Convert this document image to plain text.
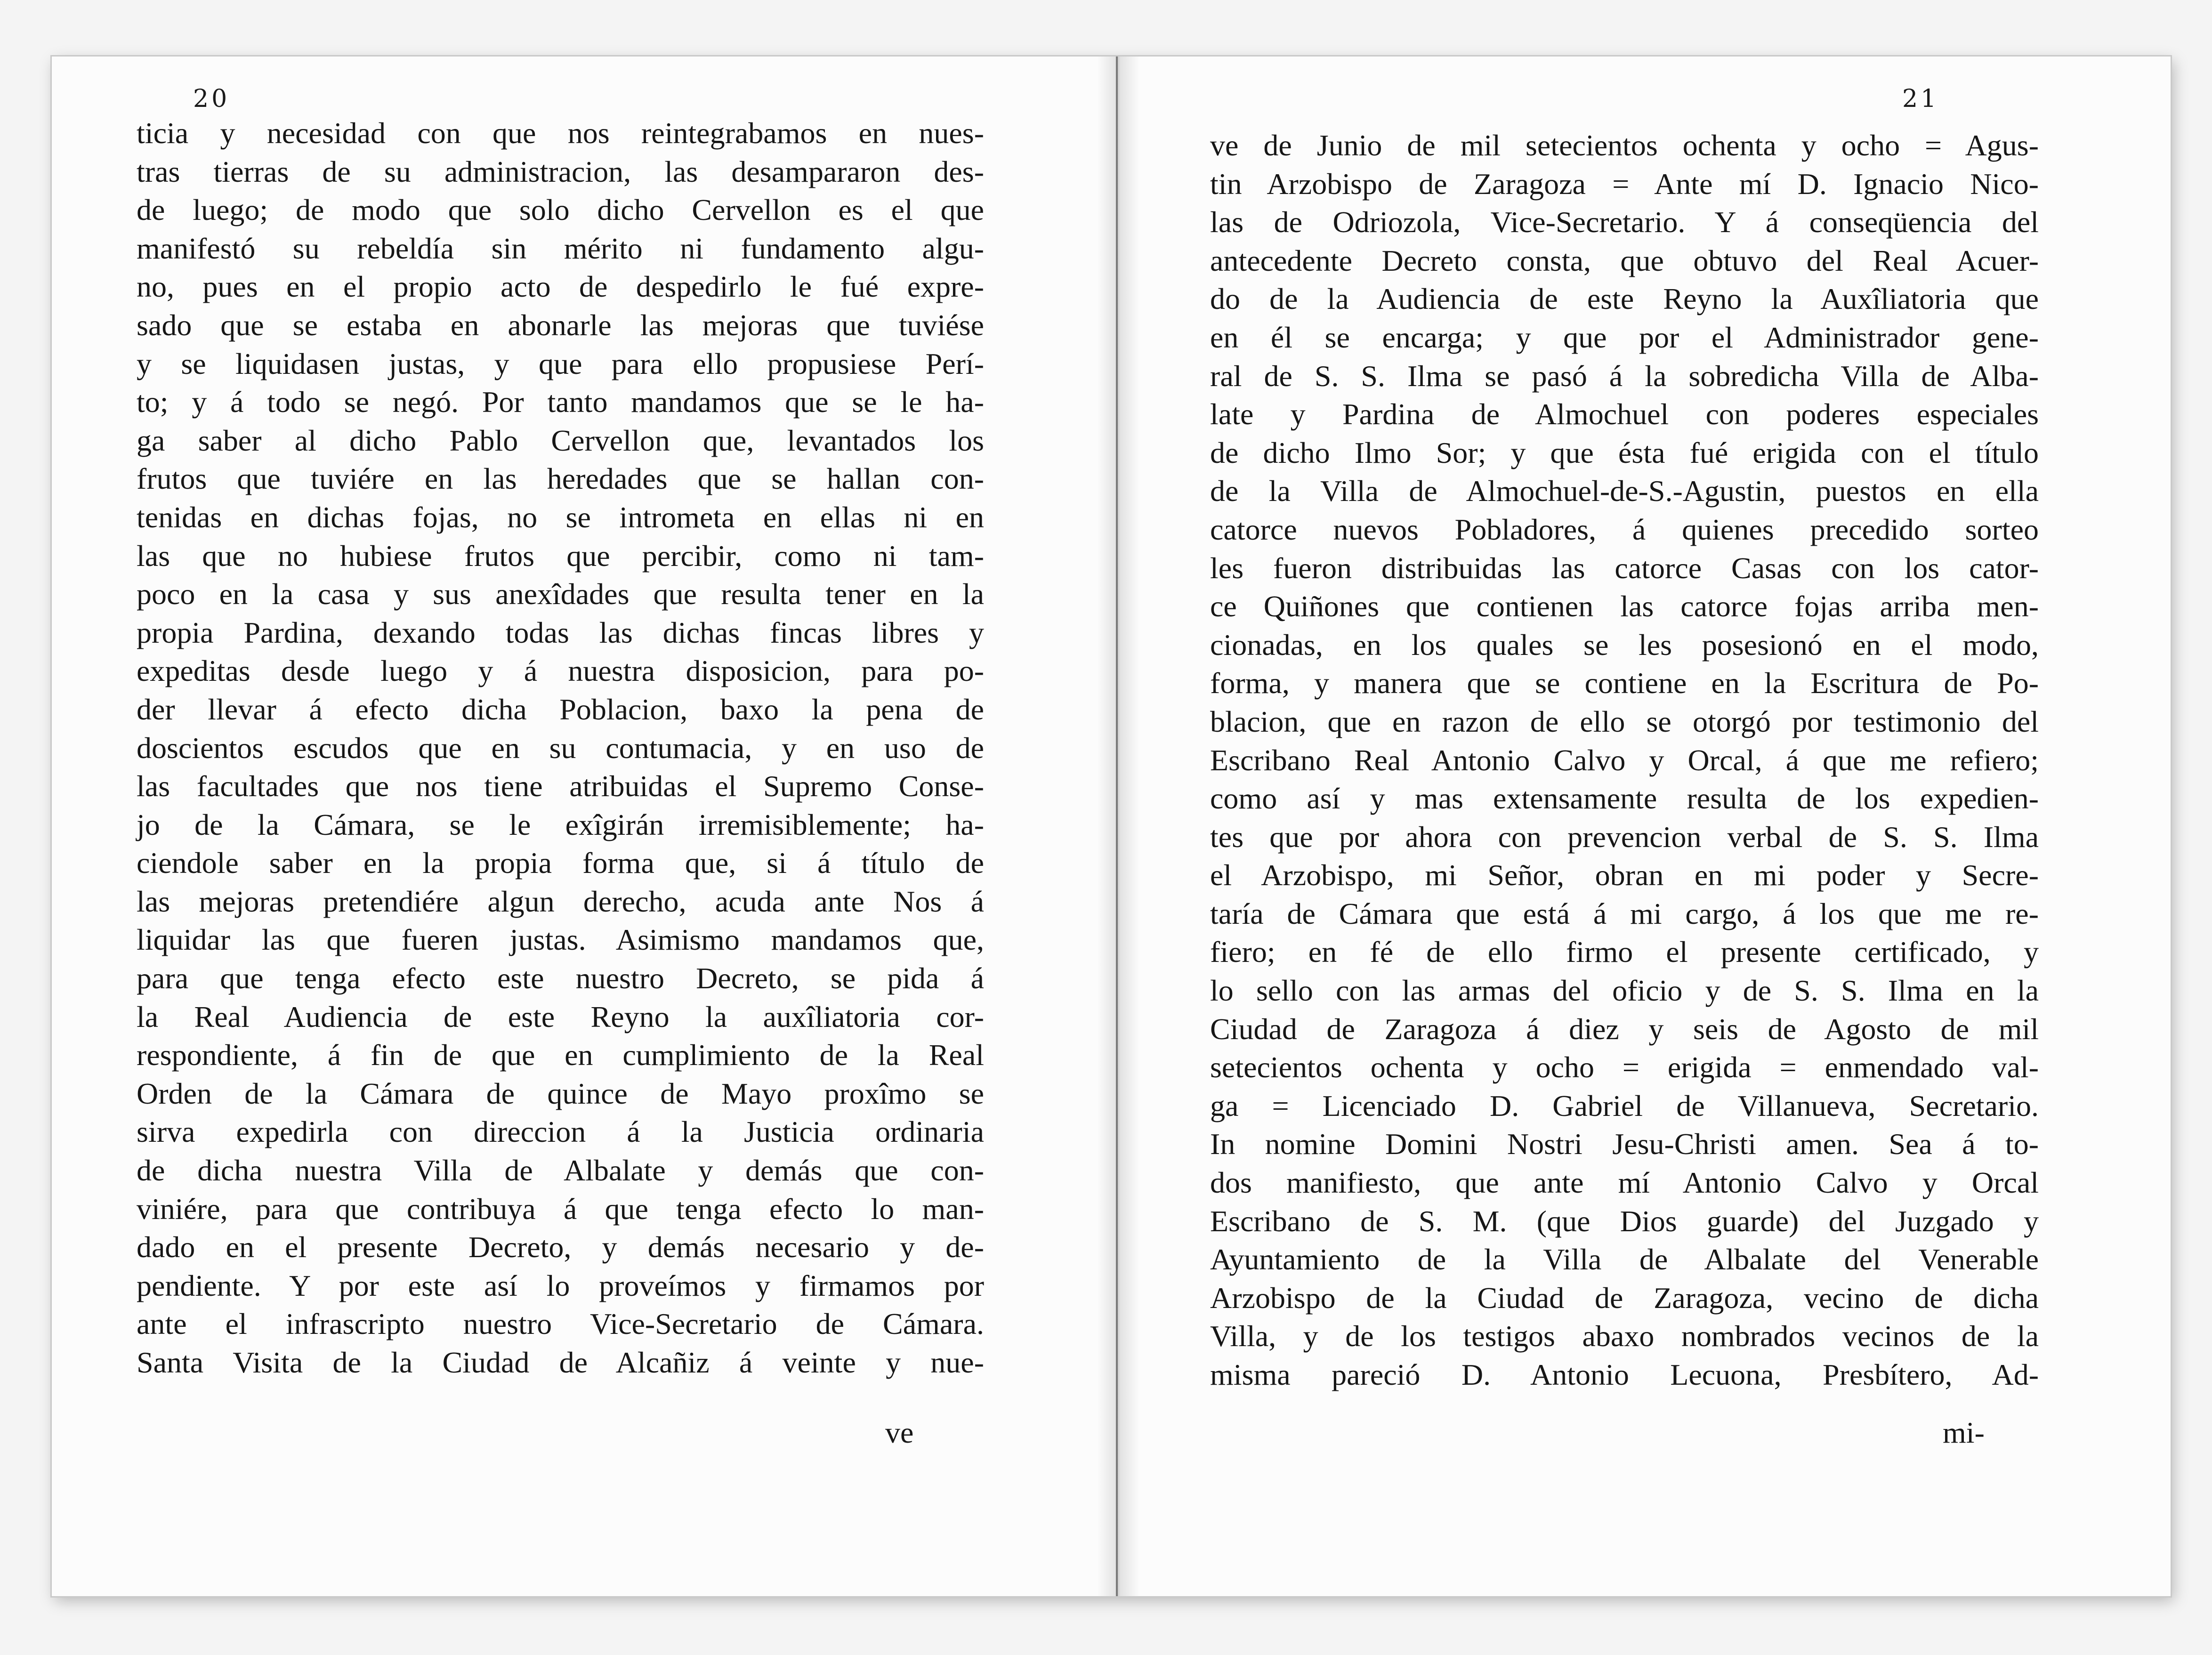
20	21
ticia y necesidad con que nos reintegrabamos en nues-
tras tierras de su administracion, las desampararon des-
de luego; de modo que solo dicho Cervellon es el que
manifestó su rebeldía sin mérito ni fundamento algu-
no, pues en el propio acto de despedirlo le fué expre-
sado que se estaba en abonarle las mejoras que tuviése
y se liquidasen justas, y que para ello propusiese Perí-
to; y á todo se negó. Por tanto mandamos que se le ha-
ga saber al dicho Pablo Cervellon que, levantados los
frutos que tuviére en las heredades que se hallan con-
tenidas en dichas fojas, no se intrometa en ellas ni en
las que no hubiese frutos que percibir, como ni tam-
poco en la casa y sus anexîdades que resulta tener en la
propia Pardina, dexando todas las dichas fincas libres y
expeditas desde luego y á nuestra disposicion, para po-
der llevar á efecto dicha Poblacion, baxo la pena de
doscientos escudos que en su contumacia, y en uso de
las facultades que nos tiene atribuidas el Supremo Conse-
jo de la Cámara, se le exîgirán irremisiblemente; ha-
ciendole saber en la propia forma que, si á título de
las mejoras pretendiére algun derecho, acuda ante Nos á
liquidar las que fueren justas. Asimismo mandamos que,
para que tenga efecto este nuestro Decreto, se pida á
la Real Audiencia de este Reyno la auxîliatoria cor-
respondiente, á fin de que en cumplimiento de la Real
Orden de la Cámara de quince de Mayo proxîmo se
sirva expedirla con direccion á la Justicia ordinaria
de dicha nuestra Villa de Albalate y demás que con-
viniére, para que contribuya á que tenga efecto lo man-
dado en el presente Decreto, y demás necesario y de-
pendiente. Y por este así lo proveímos y firmamos por
ante el infrascripto nuestro Vice-Secretario de Cámara.
Santa Visita de la Ciudad de Alcañiz á veinte y nue-
ve de Junio de mil setecientos ochenta y ocho = Agus-
tin Arzobispo de Zaragoza = Ante mí D. Ignacio Nico-
las de Odriozola, Vice-Secretario. Y á conseqüencia del
antecedente Decreto consta, que obtuvo del Real Acuer-
do de la Audiencia de este Reyno la Auxîliatoria que
en él se encarga; y que por el Administrador gene-
ral de S. S. Ilma se pasó á la sobredicha Villa de Alba-
late y Pardina de Almochuel con poderes especiales
de dicho Ilmo Sor; y que ésta fué erigida con el título
de la Villa de Almochuel-de-S.-Agustin, puestos en ella
catorce nuevos Pobladores, á quienes precedido sorteo
les fueron distribuidas las catorce Casas con los cator-
ce Quiñones que contienen las catorce fojas arriba men-
cionadas, en los quales se les posesionó en el modo,
forma, y manera que se contiene en la Escritura de Po-
blacion, que en razon de ello se otorgó por testimonio del
Escribano Real Antonio Calvo y Orcal, á que me refiero;
como así y mas extensamente resulta de los expedien-
tes que por ahora con prevencion verbal de S. S. Ilma
el Arzobispo, mi Señor, obran en mi poder y Secre-
taría de Cámara que está á mi cargo, á los que me re-
fiero; en fé de ello firmo el presente certificado, y
lo sello con las armas del oficio y de S. S. Ilma en la
Ciudad de Zaragoza á diez y seis de Agosto de mil
setecientos ochenta y ocho = erigida = enmendado val-
ga = Licenciado D. Gabriel de Villanueva, Secretario.
In nomine Domini Nostri Jesu-Christi amen. Sea á to-
dos manifiesto, que ante mí Antonio Calvo y Orcal
Escribano de S. M. (que Dios guarde) del Juzgado y
Ayuntamiento de la Villa de Albalate del Venerable
Arzobispo de la Ciudad de Zaragoza, vecino de dicha
Villa, y de los testigos abaxo nombrados vecinos de la
misma pareció D. Antonio Lecuona, Presbítero, Ad-
ve	mi-
